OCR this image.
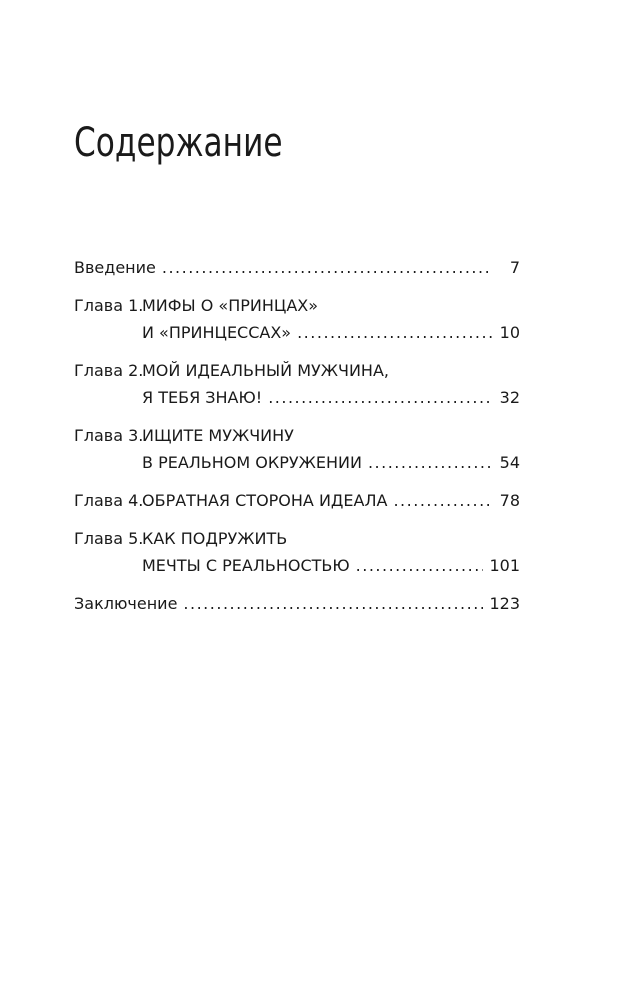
Содержание
Введение .....	7
Глава 1.
МИФЫ О «ПРИНЦАХ»
И «ПРИНЦЕССАХ» .....	10
Глава 2.
МОЙ ИДЕАЛЬНЫЙ МУЖЧИНА,
Я ТЕБЯ ЗНАЮ! .....	32
Глава 3.
ИЩИТЕ МУЖЧИНУ
В РЕАЛЬНОМ ОКРУЖЕНИИ .....	54
Глава 4.
ОБРАТНАЯ СТОРОНА ИДЕАЛА .....	78
Глава 5.
КАК ПОДРУЖИТЬ
МЕЧТЫ С РЕАЛЬНОСТЬЮ .....	101
Заключение .....	123
